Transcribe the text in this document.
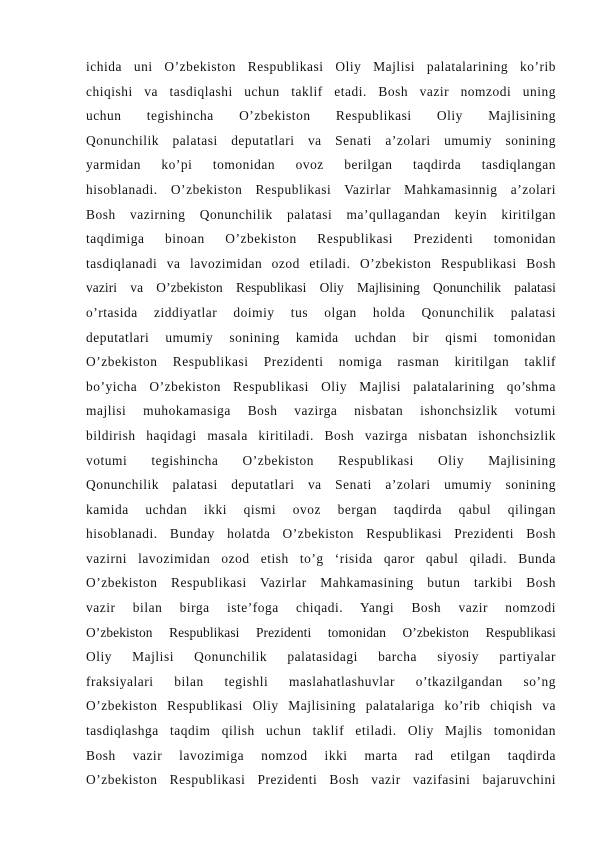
ichida uni O’zbekiston Respublikasi Oliy Majlisi palatalarining ko’rib
chiqishi va tasdiqlashi uchun taklif etadi. Bosh vazir nomzodi uning
uchun tegishincha O’zbekiston Respublikasi Oliy Majlisining
Qonunchilik palatasi deputatlari va Senati a’zolari umumiy sonining
yarmidan ko’pi tomonidan ovoz berilgan taqdirda tasdiqlangan
hisoblanadi. O’zbekiston Respublikasi Vazirlar Mahkamasinnig a’zolari
Bosh vazirning Qonunchilik palatasi ma’qullagandan keyin kiritilgan
taqdimiga binoan O’zbekiston Respublikasi Prezidenti tomonidan
tasdiqlanadi va lavozimidan ozod etiladi. O’zbekiston Respublikasi Bosh
vaziri va O’zbekiston Respublikasi Oliy Majlisining Qonunchilik palatasi
o’rtasida ziddiyatlar doimiy tus olgan holda Qonunchilik palatasi
deputatlari umumiy sonining kamida uchdan bir qismi tomonidan
O’zbekiston Respublikasi Prezidenti nomiga rasman kiritilgan taklif
bo’yicha O’zbekiston Respublikasi Oliy Majlisi palatalarining qo’shma
majlisi muhokamasiga Bosh vazirga nisbatan ishonchsizlik votumi
bildirish haqidagi masala kiritiladi. Bosh vazirga nisbatan ishonchsizlik
votumi tegishincha O’zbekiston Respublikasi Oliy Majlisining
Qonunchilik palatasi deputatlari va Senati a’zolari umumiy sonining
kamida uchdan ikki qismi ovoz bergan taqdirda qabul qilingan
hisoblanadi. Bunday holatda O’zbekiston Respublikasi Prezidenti Bosh
vazirni lavozimidan ozod etish to’g ‘risida qaror qabul qiladi. Bunda
O’zbekiston Respublikasi Vazirlar Mahkamasining butun tarkibi Bosh
vazir bilan birga iste’foga chiqadi. Yangi Bosh vazir nomzodi
O’zbekiston Respublikasi Prezidenti tomonidan O’zbekiston Respublikasi
Oliy Majlisi Qonunchilik palatasidagi barcha siyosiy partiyalar
fraksiyalari bilan tegishli maslahatlashuvlar o’tkazilgandan so’ng
O’zbekiston Respublikasi Oliy Majlisining palatalariga ko’rib chiqish va
tasdiqlashga taqdim qilish uchun taklif etiladi. Oliy Majlis tomonidan
Bosh vazir lavozimiga nomzod ikki marta rad etilgan taqdirda
O’zbekiston Respublikasi Prezidenti Bosh vazir vazifasini bajaruvchini
